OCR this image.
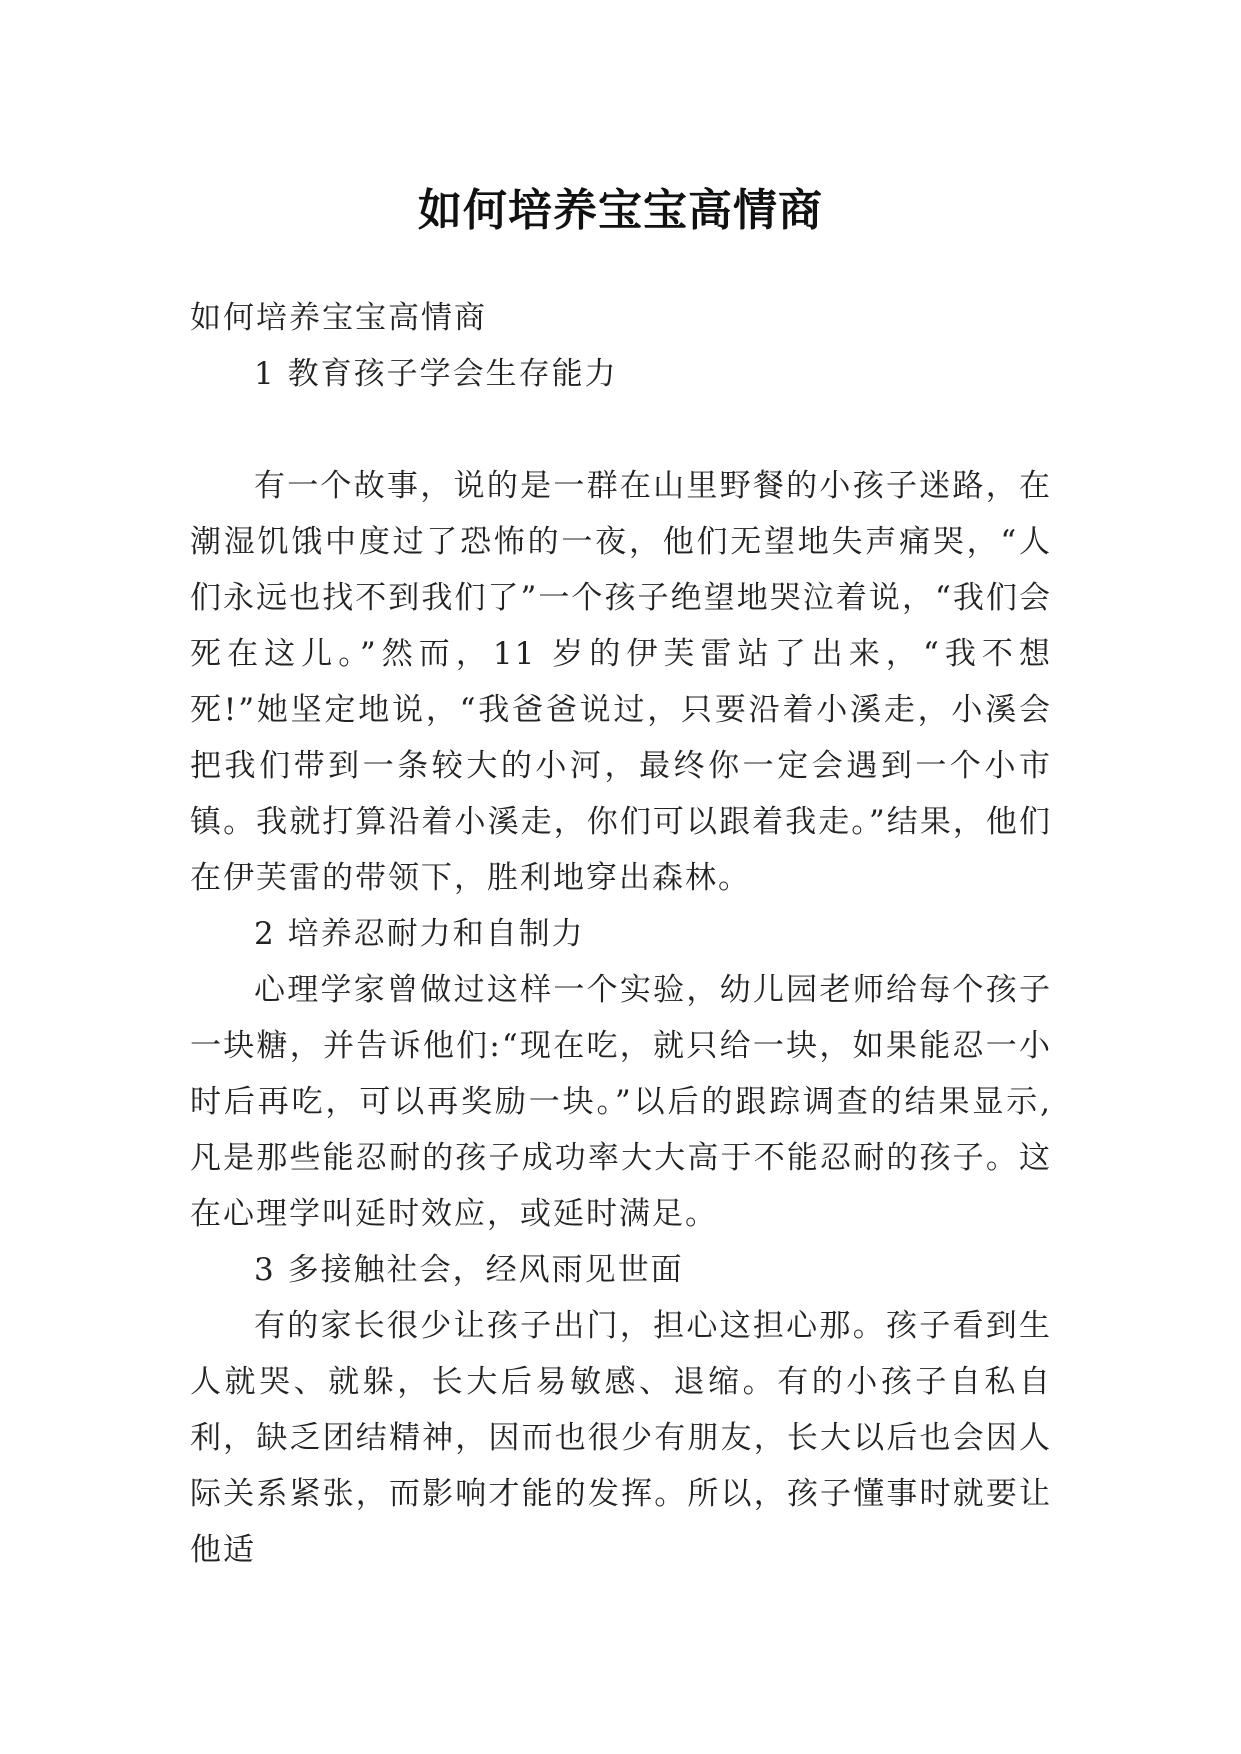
如何培养宝宝高情商

如何培养宝宝高情商

1 教育孩子学会生存能力

有一个故事，说的是一群在山里野餐的小孩子迷路，在潮湿饥饿中度过了恐怖的一夜，他们无望地失声痛哭，“人们永远也找不到我们了”一个孩子绝望地哭泣着说，“我们会死在这儿。”然而，11 岁的伊芙雷站了出来，“我不想死!”她坚定地说，“我爸爸说过，只要沿着小溪走，小溪会把我们带到一条较大的小河，最终你一定会遇到一个小市镇。我就打算沿着小溪走，你们可以跟着我走。”结果，他们在伊芙雷的带领下，胜利地穿出森林。

2 培养忍耐力和自制力

心理学家曾做过这样一个实验，幼儿园老师给每个孩子一块糖，并告诉他们:“现在吃，就只给一块，如果能忍一小时后再吃，可以再奖励一块。”以后的跟踪调查的结果显示,凡是那些能忍耐的孩子成功率大大高于不能忍耐的孩子。这在心理学叫延时效应，或延时满足。

3 多接触社会，经风雨见世面

有的家长很少让孩子出门，担心这担心那。孩子看到生人就哭、就躲，长大后易敏感、退缩。有的小孩子自私自利，缺乏团结精神，因而也很少有朋友，长大以后也会因人际关系紧张，而影响才能的发挥。所以，孩子懂事时就要让他适
